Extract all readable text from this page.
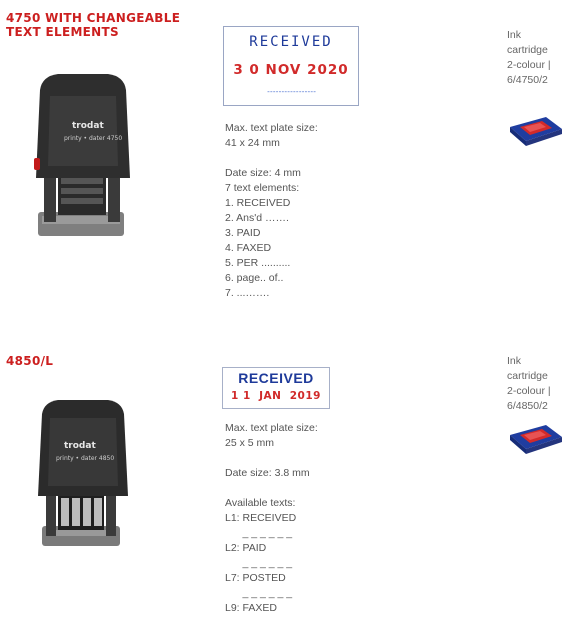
4750 WITH CHANGEABLE
TEXT ELEMENTS
trodat
printy • dater 4750
RECEIVED
3 0 NOV 2020
- - - - - - - - - - - - - - - - -
Max. text plate size:
41 x 24 mm
Date size: 4 mm
7 text elements:
1. RECEIVED
2. Ans'd …….
3. PAID
4. FAXED
5. PER ..........
6. page.. of..
7. ...…….
Ink
cartridge
2-colour |
6/4750/2
4850/L
trodat
printy • dater 4850
RECEIVED
1 1  JAN  2019
Max. text plate size:
25 x 5 mm
Date size: 3.8 mm
Available texts:
L1: RECEIVED
_ _ _ _ _ _
L2: PAID
_ _ _ _ _ _
L7: POSTED
_ _ _ _ _ _
L9: FAXED
Ink
cartridge
2-colour |
6/4850/2
